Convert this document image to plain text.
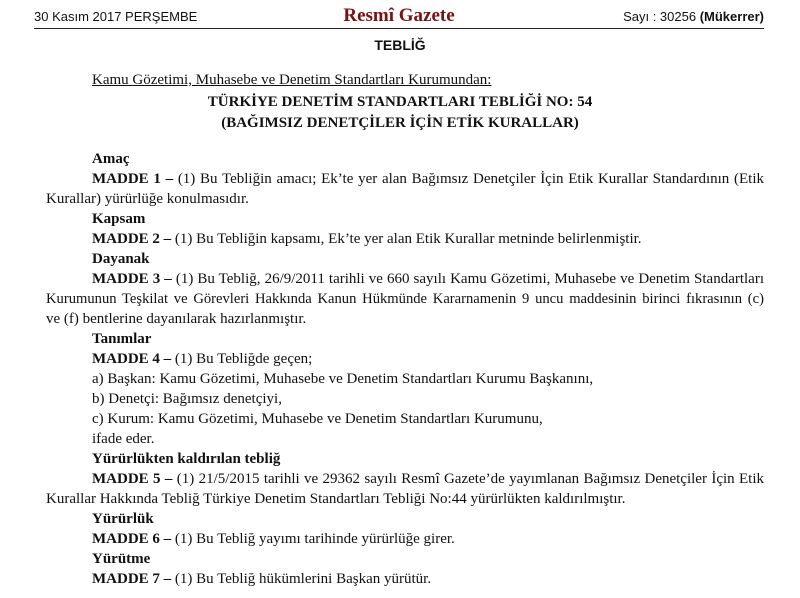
30 Kasım 2017 PERŞEMBE	Resmî Gazete	Sayı : 30256 (Mükerrer)
TEBLİĞ
Kamu Gözetimi, Muhasebe ve Denetim Standartları Kurumundan:
TÜRKİYE DENETİM STANDARTLARI TEBLİĞİ NO: 54
(BAĞIMSIZ DENETÇİLER İÇİN ETİK KURALLAR)
Amaç
MADDE 1 – (1) Bu Tebliğin amacı; Ek’te yer alan Bağımsız Denetçiler İçin Etik Kurallar Standardının (Etik
Kurallar) yürürlüğe konulmasıdır.
Kapsam
MADDE 2 – (1) Bu Tebliğin kapsamı, Ek’te yer alan Etik Kurallar metninde belirlenmiştir.
Dayanak
MADDE 3 – (1) Bu Tebliğ, 26/9/2011 tarihli ve 660 sayılı Kamu Gözetimi, Muhasebe ve Denetim Standartları
Kurumunun Teşkilat ve Görevleri Hakkında Kanun Hükmünde Kararnamenin 9 uncu maddesinin birinci fıkrasının (c)
ve (f) bentlerine dayanılarak hazırlanmıştır.
Tanımlar
MADDE 4 – (1) Bu Tebliğde geçen;
a) Başkan: Kamu Gözetimi, Muhasebe ve Denetim Standartları Kurumu Başkanını,
b) Denetçi: Bağımsız denetçiyi,
c) Kurum: Kamu Gözetimi, Muhasebe ve Denetim Standartları Kurumunu,
ifade eder.
Yürürlükten kaldırılan tebliğ
MADDE 5 – (1) 21/5/2015 tarihli ve 29362 sayılı Resmî Gazete’de yayımlanan Bağımsız Denetçiler İçin Etik
Kurallar Hakkında Tebliğ Türkiye Denetim Standartları Tebliği No:44 yürürlükten kaldırılmıştır.
Yürürlük
MADDE 6 – (1) Bu Tebliğ yayımı tarihinde yürürlüğe girer.
Yürütme
MADDE 7 – (1) Bu Tebliğ hükümlerini Başkan yürütür.
